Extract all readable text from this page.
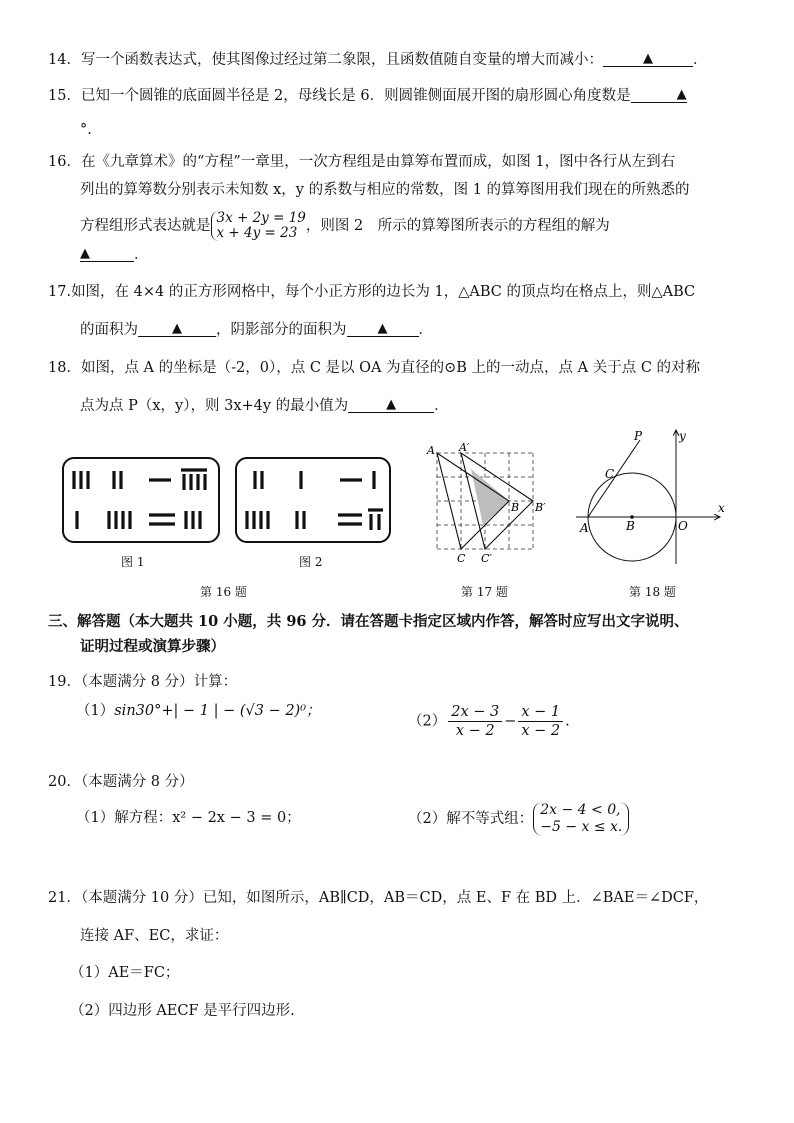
14．写一个函数表达式，使其图像过经过第二象限，且函数值随自变量的增大而减小：	▲	．
15．已知一个圆锥的底面圆半径是 2，母线长是 6．则圆锥侧面展开图的扇形圆心角度数是	▲
°.
16．在《九章算术》的“方程”一章里，一次方程组是由算筹布置而成，如图 1，图中各行从左到右
列出的算筹数分别表示未知数 x，y 的系数与相应的常数，图 1 的算筹图用我们现在的所熟悉的
方程组形式表达就是 3x + 2y = 19
x + 4y = 23 ，则图 2　所示的算筹图所表示的方程组的解为
▲	．
17.如图，在 4×4 的正方形网格中，每个小正方形的边长为 1，△ABC 的顶点均在格点上，则△ABC
的面积为	▲ ，阴影部分的面积为 ▲ ．
18．如图，点 A 的坐标是（-2，0），点 C 是以 OA 为直径的⊙B 上的一动点，点 A 关于点 C 的对称
点为点 P（x，y），则 3x+4y 的最小值为	▲	．
图 1	图 2
第 16 题
A A′
B B′
C C′
第 17 题
P	y
C
A	B	O
x
第 18 题
三、解答题（本大题共 10 小题，共 96 分．请在答题卡指定区域内作答，解答时应写出文字说明、
证明过程或演算步骤）
19．（本题满分 8 分）计算：
（1）sin30°+| − 1 | − (√3 − 2)⁰；
$(2) \frac{2x - 3}{x - 2} - \frac{x - 1}{x - 2}$ .
20．（本题满分 8 分）
（1）解方程：x² − 2x − 3 = 0；	（2）解不等式组：
2x − 4 < 0,
−5 − x ≤ x.
21．（本题满分 10 分）已知，如图所示，AB∥CD，AB＝CD，点 E、F 在 BD 上．∠BAE＝∠DCF，
连接 AF、EC，求证：
（1）AE＝FC；
（2）四边形 AECF 是平行四边形.
